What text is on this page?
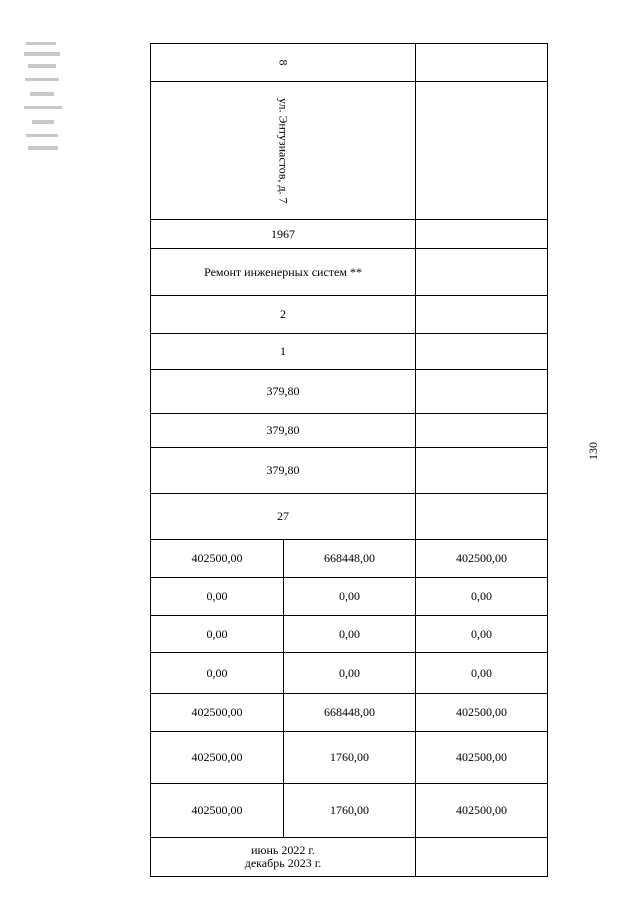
130
8
ул. Энтузиастов, д. 7
1967
Ремонт инженерных систем **
2
1
379,80
379,80
379,80
27
402500,00	668448,00	402500,00
0,00	0,00	0,00
0,00	0,00	0,00
0,00	0,00	0,00
402500,00	668448,00	402500,00
402500,00	1760,00	402500,00
402500,00	1760,00	402500,00
июнь 2022 г.
декабрь 2023 г.
